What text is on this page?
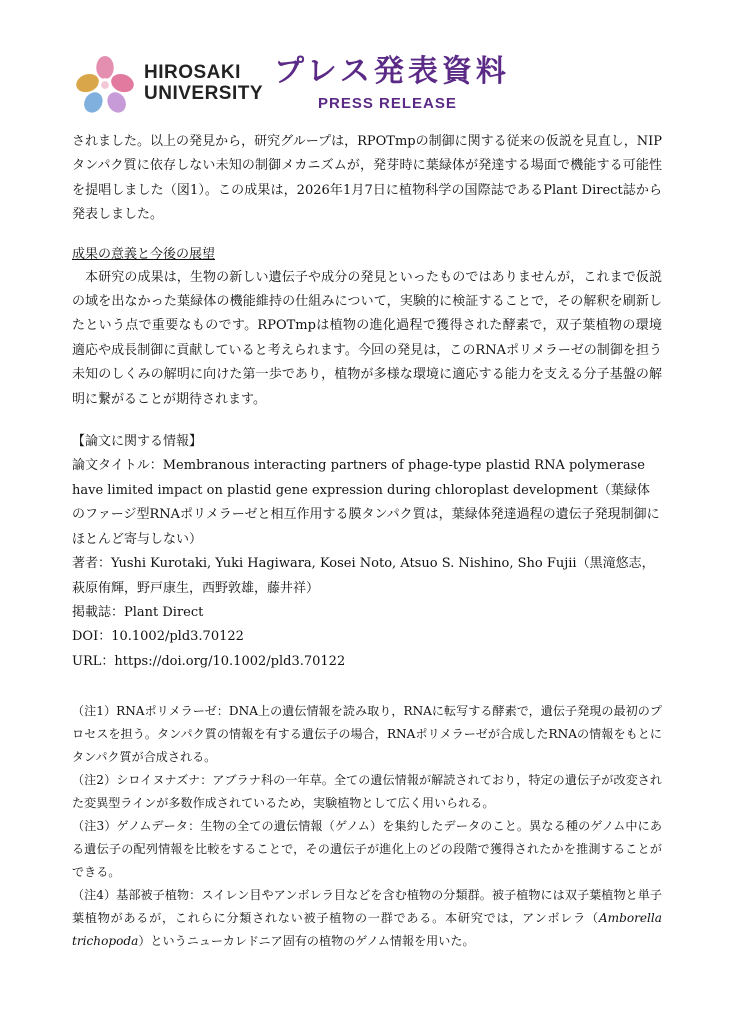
HIROSAKI
UNIVERSITY
プレス発表資料
PRESS RELEASE

されました。以上の発見から，研究グループは，RPOTmpの制御に関する従来の仮説を見直し，NIPタンパク質に依存しない未知の制御メカニズムが，発芽時に葉緑体が発達する場面で機能する可能性を提唱しました（図1）。この成果は，2026年1月7日に植物科学の国際誌であるPlant Direct誌から発表しました。

成果の意義と今後の展望

本研究の成果は，生物の新しい遺伝子や成分の発見といったものではありませんが，これまで仮説の域を出なかった葉緑体の機能維持の仕組みについて，実験的に検証することで，その解釈を刷新したという点で重要なものです。RPOTmpは植物の進化過程で獲得された酵素で，双子葉植物の環境適応や成長制御に貢献していると考えられます。今回の発見は，このRNAポリメラーゼの制御を担う未知のしくみの解明に向けた第一歩であり，植物が多様な環境に適応する能力を支える分子基盤の解明に繋がることが期待されます。

【論文に関する情報】

論文タイトル：Membranous interacting partners of phage-type plastid RNA polymerase have limited impact on plastid gene expression during chloroplast development（葉緑体のファージ型RNAポリメラーゼと相互作用する膜タンパク質は，葉緑体発達過程の遺伝子発現制御にほとんど寄与しない）

著者：Yushi Kurotaki, Yuki Hagiwara, Kosei Noto, Atsuo S. Nishino, Sho Fujii（黒滝悠志，萩原侑輝，野戸康生，西野敦雄，藤井祥）

掲載誌：Plant Direct

DOI：10.1002/pld3.70122

URL：https://doi.org/10.1002/pld3.70122

（注1）RNAポリメラーゼ：DNA上の遺伝情報を読み取り，RNAに転写する酵素で，遺伝子発現の最初のプロセスを担う。タンパク質の情報を有する遺伝子の場合，RNAポリメラーゼが合成したRNAの情報をもとにタンパク質が合成される。

（注2）シロイヌナズナ：アブラナ科の一年草。全ての遺伝情報が解読されており，特定の遺伝子が改変された変異型ラインが多数作成されているため，実験植物として広く用いられる。

（注3）ゲノムデータ：生物の全ての遺伝情報（ゲノム）を集約したデータのこと。異なる種のゲノム中にある遺伝子の配列情報を比較をすることで，その遺伝子が進化上のどの段階で獲得されたかを推測することができる。

（注4）基部被子植物：スイレン目やアンボレラ目などを含む植物の分類群。被子植物には双子葉植物と単子葉植物があるが，これらに分類されない被子植物の一群である。本研究では，アンボレラ（Amborella trichopoda）というニューカレドニア固有の植物のゲノム情報を用いた。
